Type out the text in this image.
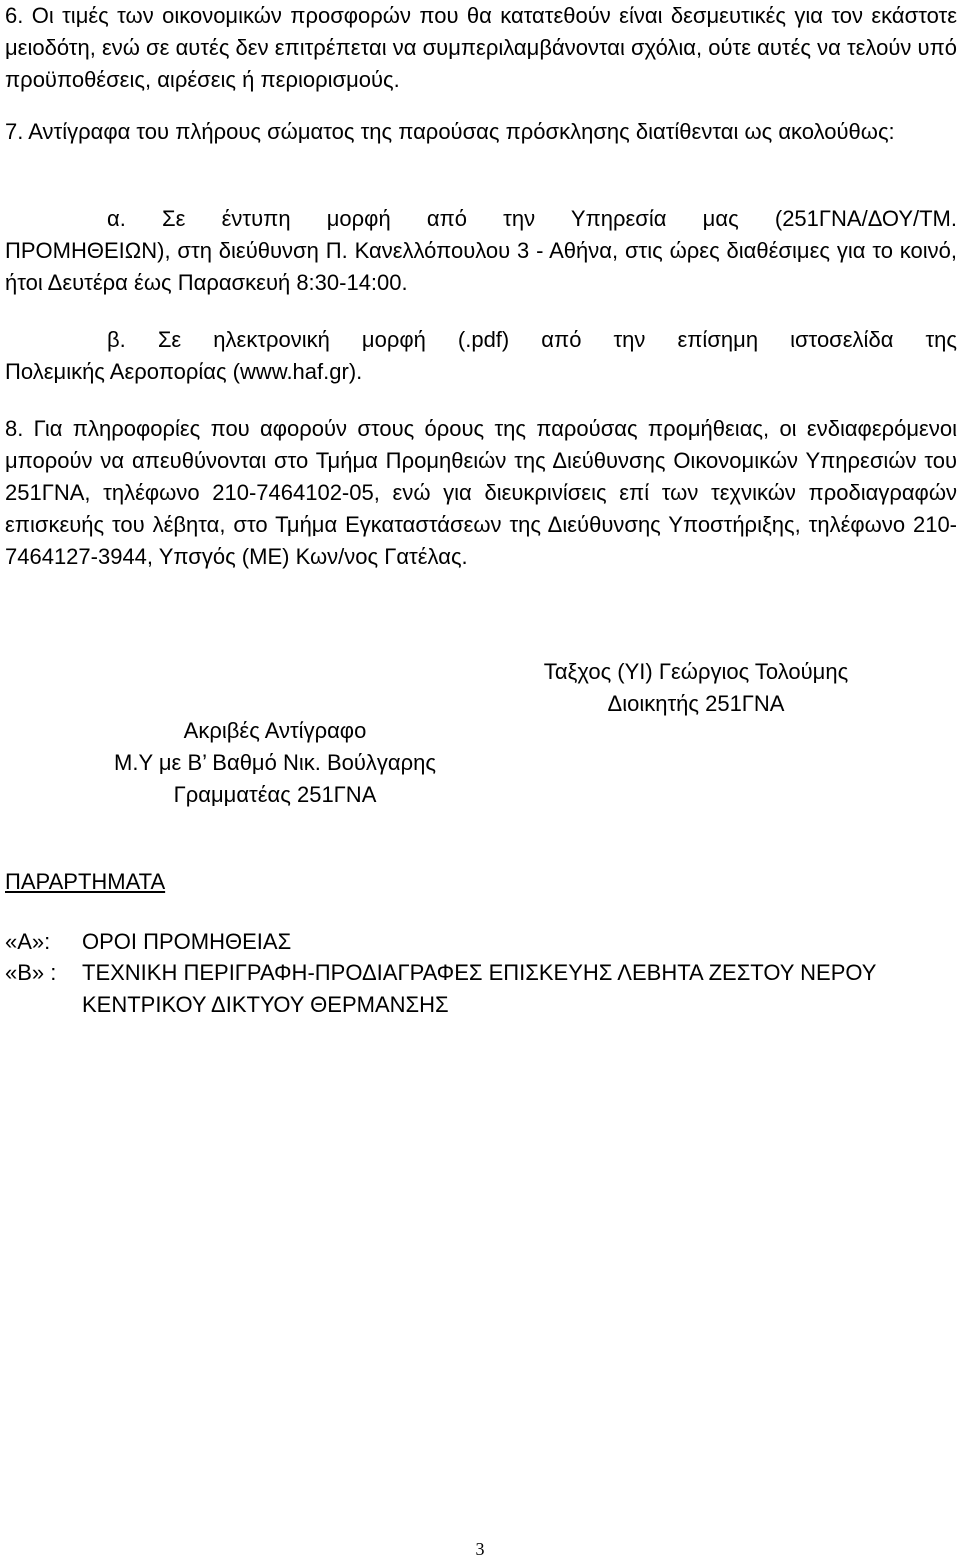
6. Οι τιμές των οικονομικών προσφορών που θα κατατεθούν είναι δεσμευτικές για τον εκάστοτε μειοδότη, ενώ σε αυτές δεν επιτρέπεται να συμπεριλαμβάνονται σχόλια, ούτε αυτές να τελούν υπό προϋποθέσεις, αιρέσεις ή περιορισμούς.

7. Αντίγραφα του πλήρους σώματος της παρούσας πρόσκλησης διατίθενται ως ακολούθως:

α. Σε έντυπη μορφή από την Υπηρεσία μας (251ΓΝΑ/ΔΟΥ/ΤΜ.
ΠΡΟΜΗΘΕΙΩΝ), στη διεύθυνση Π. Κανελλόπουλου 3 - Αθήνα, στις ώρες διαθέσιμες για το κοινό, ήτοι Δευτέρα έως Παρασκευή 8:30-14:00.
β. Σε ηλεκτρονική μορφή (.pdf) από την επίσημη ιστοσελίδα της
Πολεμικής Αεροπορίας (www.haf.gr).

8. Για πληροφορίες που αφορούν στους όρους της παρούσας προμήθειας, οι ενδιαφερόμενοι μπορούν να απευθύνονται στο Τμήμα Προμηθειών της Διεύθυνσης Οικονομικών Υπηρεσιών του 251ΓΝΑ, τηλέφωνο 210-7464102-05, ενώ για διευκρινίσεις επί των τεχνικών προδιαγραφών επισκευής του λέβητα, στο Τμήμα Εγκαταστάσεων της Διεύθυνσης Υποστήριξης, τηλέφωνο 210-7464127-3944, Υπσγός (ΜΕ) Κων/νος Γατέλας.

Ταξχος (ΥΙ) Γεώργιος Τολούμης
Διοικητής 251ΓΝΑ
Ακριβές Αντίγραφο
Μ.Υ με Β’ Βαθμό Νικ. Βούλγαρης
Γραμματέας 251ΓΝΑ

ΠΑΡΑΡΤΗΜΑΤΑ

«Α»:	ΟΡΟΙ ΠΡΟΜΗΘΕΙΑΣ
«Β» :	ΤΕΧΝΙΚΗ ΠΕΡΙΓΡΑΦΗ-ΠΡΟΔΙΑΓΡΑΦΕΣ ΕΠΙΣΚΕΥΗΣ ΛΕΒΗΤΑ ΖΕΣΤΟΥ ΝΕΡΟΥ ΚΕΝΤΡΙΚΟΥ ΔΙΚΤΥΟΥ ΘΕΡΜΑΝΣΗΣ
3
